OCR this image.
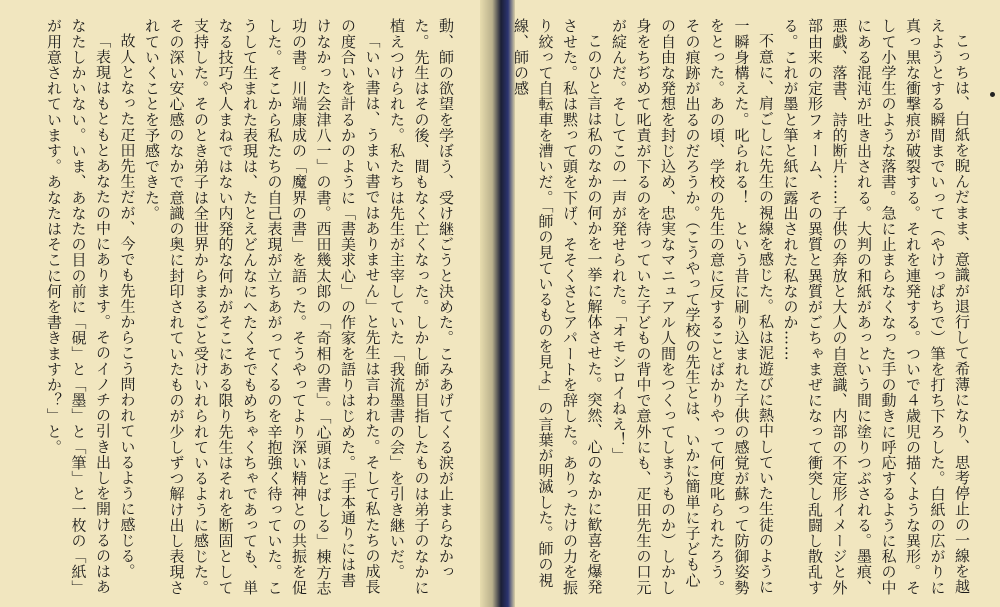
動、師の欲望を学ぼう、受け継ごうと決めた。こみあげてくる涙が止まらなかった。先生はその後、間もなく亡くなった。しかし師が目指したものは弟子のなかに植えつけられた。私たちは先生が主宰していた「我流墨書の会」を引き継いだ。

「いい書は、うまい書ではありません」と先生は言われた。そして私たちの成長の度合いを計るかのように「書美求心」の作家を語りはじめた。「手本通りには書けなかった会津八一」の書。西田幾太郎の「奇相の書」。「心頭ほとばしる」棟方志功の書。川端康成の「魔界の書」を語った。そうやってより深い精神との共振を促した。そこから私たちの自己表現が立ちあがってくるのを辛抱強く待っていた。こうして生まれた表現は、たとえどんなにへたくそでもめちゃくちゃであっても、単なる技巧や人まねではない内発的な何かがそこにある限り先生はそれを断固として支持した。そのとき弟子は全世界からまるごと受けいれられているように感じた。その深い安心感のなかで意識の奥に封印されていたものが少しずつ解け出し表現されていくことを予感できた。

故人となった疋田先生だが、今でも先生からこう問われているように感じる。

「表現はもともとあなたの中にあります。そのイノチの引き出しを開けるのはあなたしかいない。いま、あなたの目の前に「硯」と「墨」と「筆」と一枚の「紙」が用意されています。あなたはそこに何を書きますか？」と。	こっちは、白紙を睨んだまま、意識が退行して希薄になり、思考停止の一線を越えようとする瞬間までいって（やけっぱちで）筆を打ち下ろした。白紙の広がりに真っ黒な衝撃痕が破裂する。それを連発する。ついで４歳児の描くような異形。そして小学生のような落書。急に止まらなくなった手の動きに呼応するように私の中にある混沌が吐き出される。大判の和紙があっという間に塗りつぶされる。墨痕、悪戯、落書、詩的断片……子供の奔放と大人の自意識、内部の不定形イメージと外部由来の定形フォーム、その異質と異質がごちゃまぜになって衝突し乱闘し散乱する。これが墨と筆と紙に露出された私なのか……

不意に、肩ごしに先生の視線を感じた。私は泥遊びに熱中していた生徒のように一瞬身構えた。叱られる！　という昔に刷り込まれた子供の感覚が蘇って防御姿勢をとった。あの頃、学校の先生の意に反することばかりやって何度叱られたろう。その痕跡が出るのだろうか。（こうやって学校の先生とは、いかに簡単に子ども心の自由な発想を封じ込め、忠実なマニュアル人間をつくってしまうものか）しかし身をちぢめて叱責が下るのを待っていた子どもの背中で意外にも、疋田先生の口元が綻んだ。そしてこの一声が発せられた。「オモシロイねえ！」

このひと言は私のなかの何かを一挙に解体させた。突然、心のなかに歓喜を爆発させた。私は黙って頭を下げ、そそくさとアパートを辞した。ありったけの力を振り絞って自転車を漕いだ。「師の見ているものを見よ」の言葉が明滅した。師の視線、師の感
